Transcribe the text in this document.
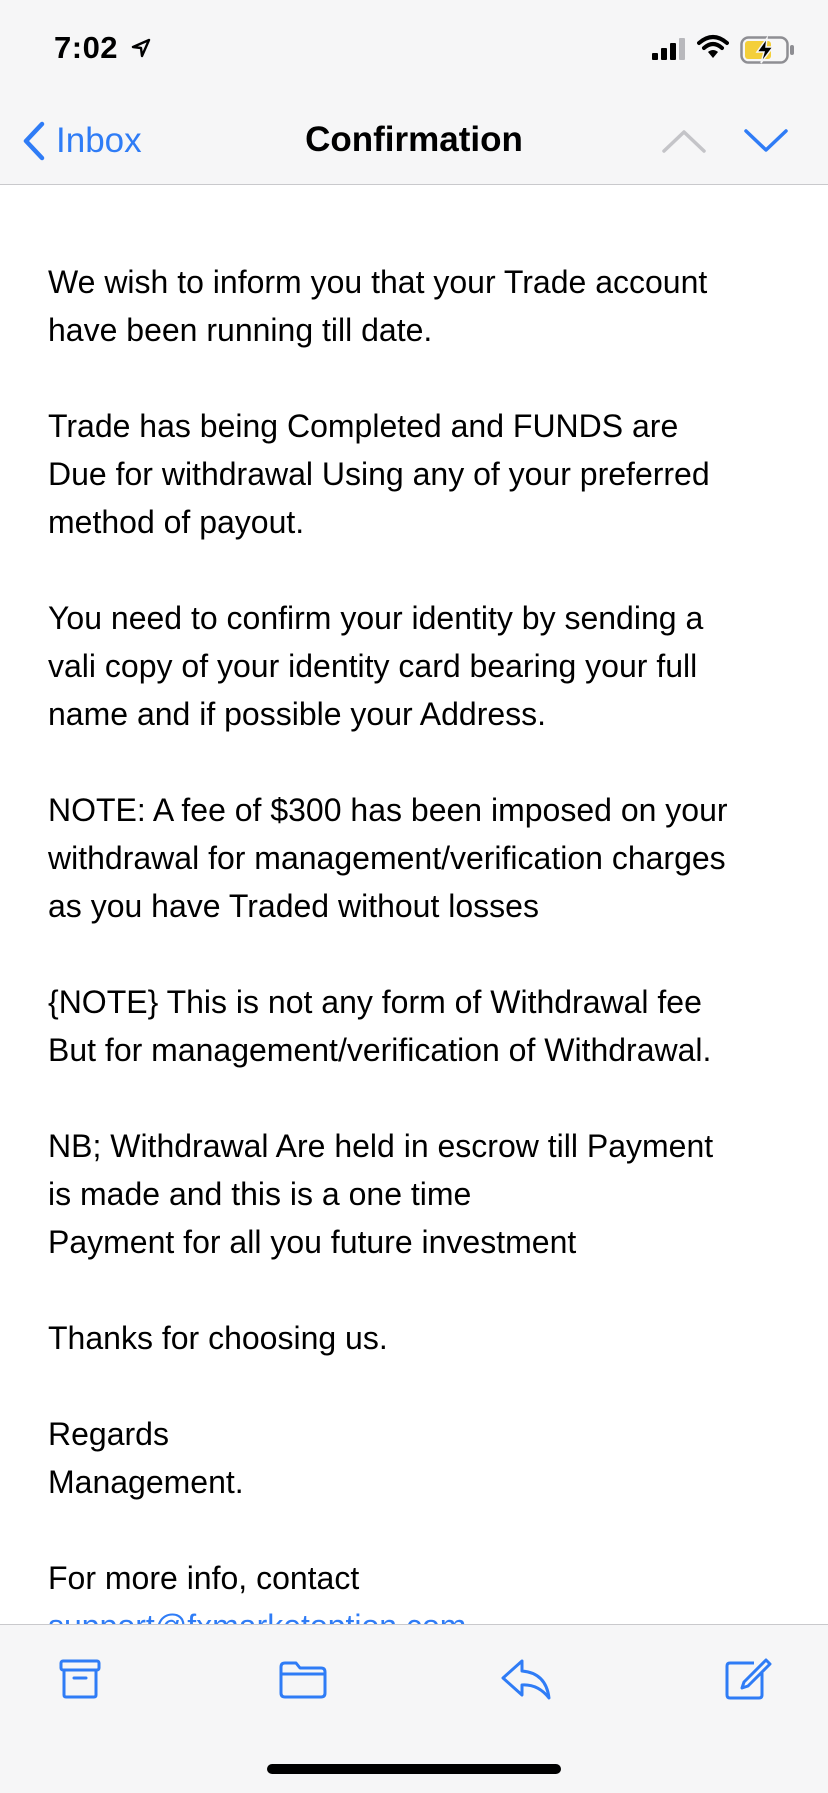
7:02
Inbox	Confirmation

We wish to inform you that your Trade account
have been running till date.

Trade has being Completed and FUNDS are
Due for withdrawal Using any of your preferred
method of payout.

You need to confirm your identity by sending a
vali copy of your identity card bearing your full
name and if possible your Address.

NOTE: A fee of $300 has been imposed on your
withdrawal for management/verification charges
as you have Traded without losses

{NOTE} This is not any form of Withdrawal fee
But for management/verification of Withdrawal.

NB; Withdrawal Are held in escrow till Payment
is made and this is a one time
Payment for all you future investment

Thanks for choosing us.

Regards
Management.

For more info, contact
